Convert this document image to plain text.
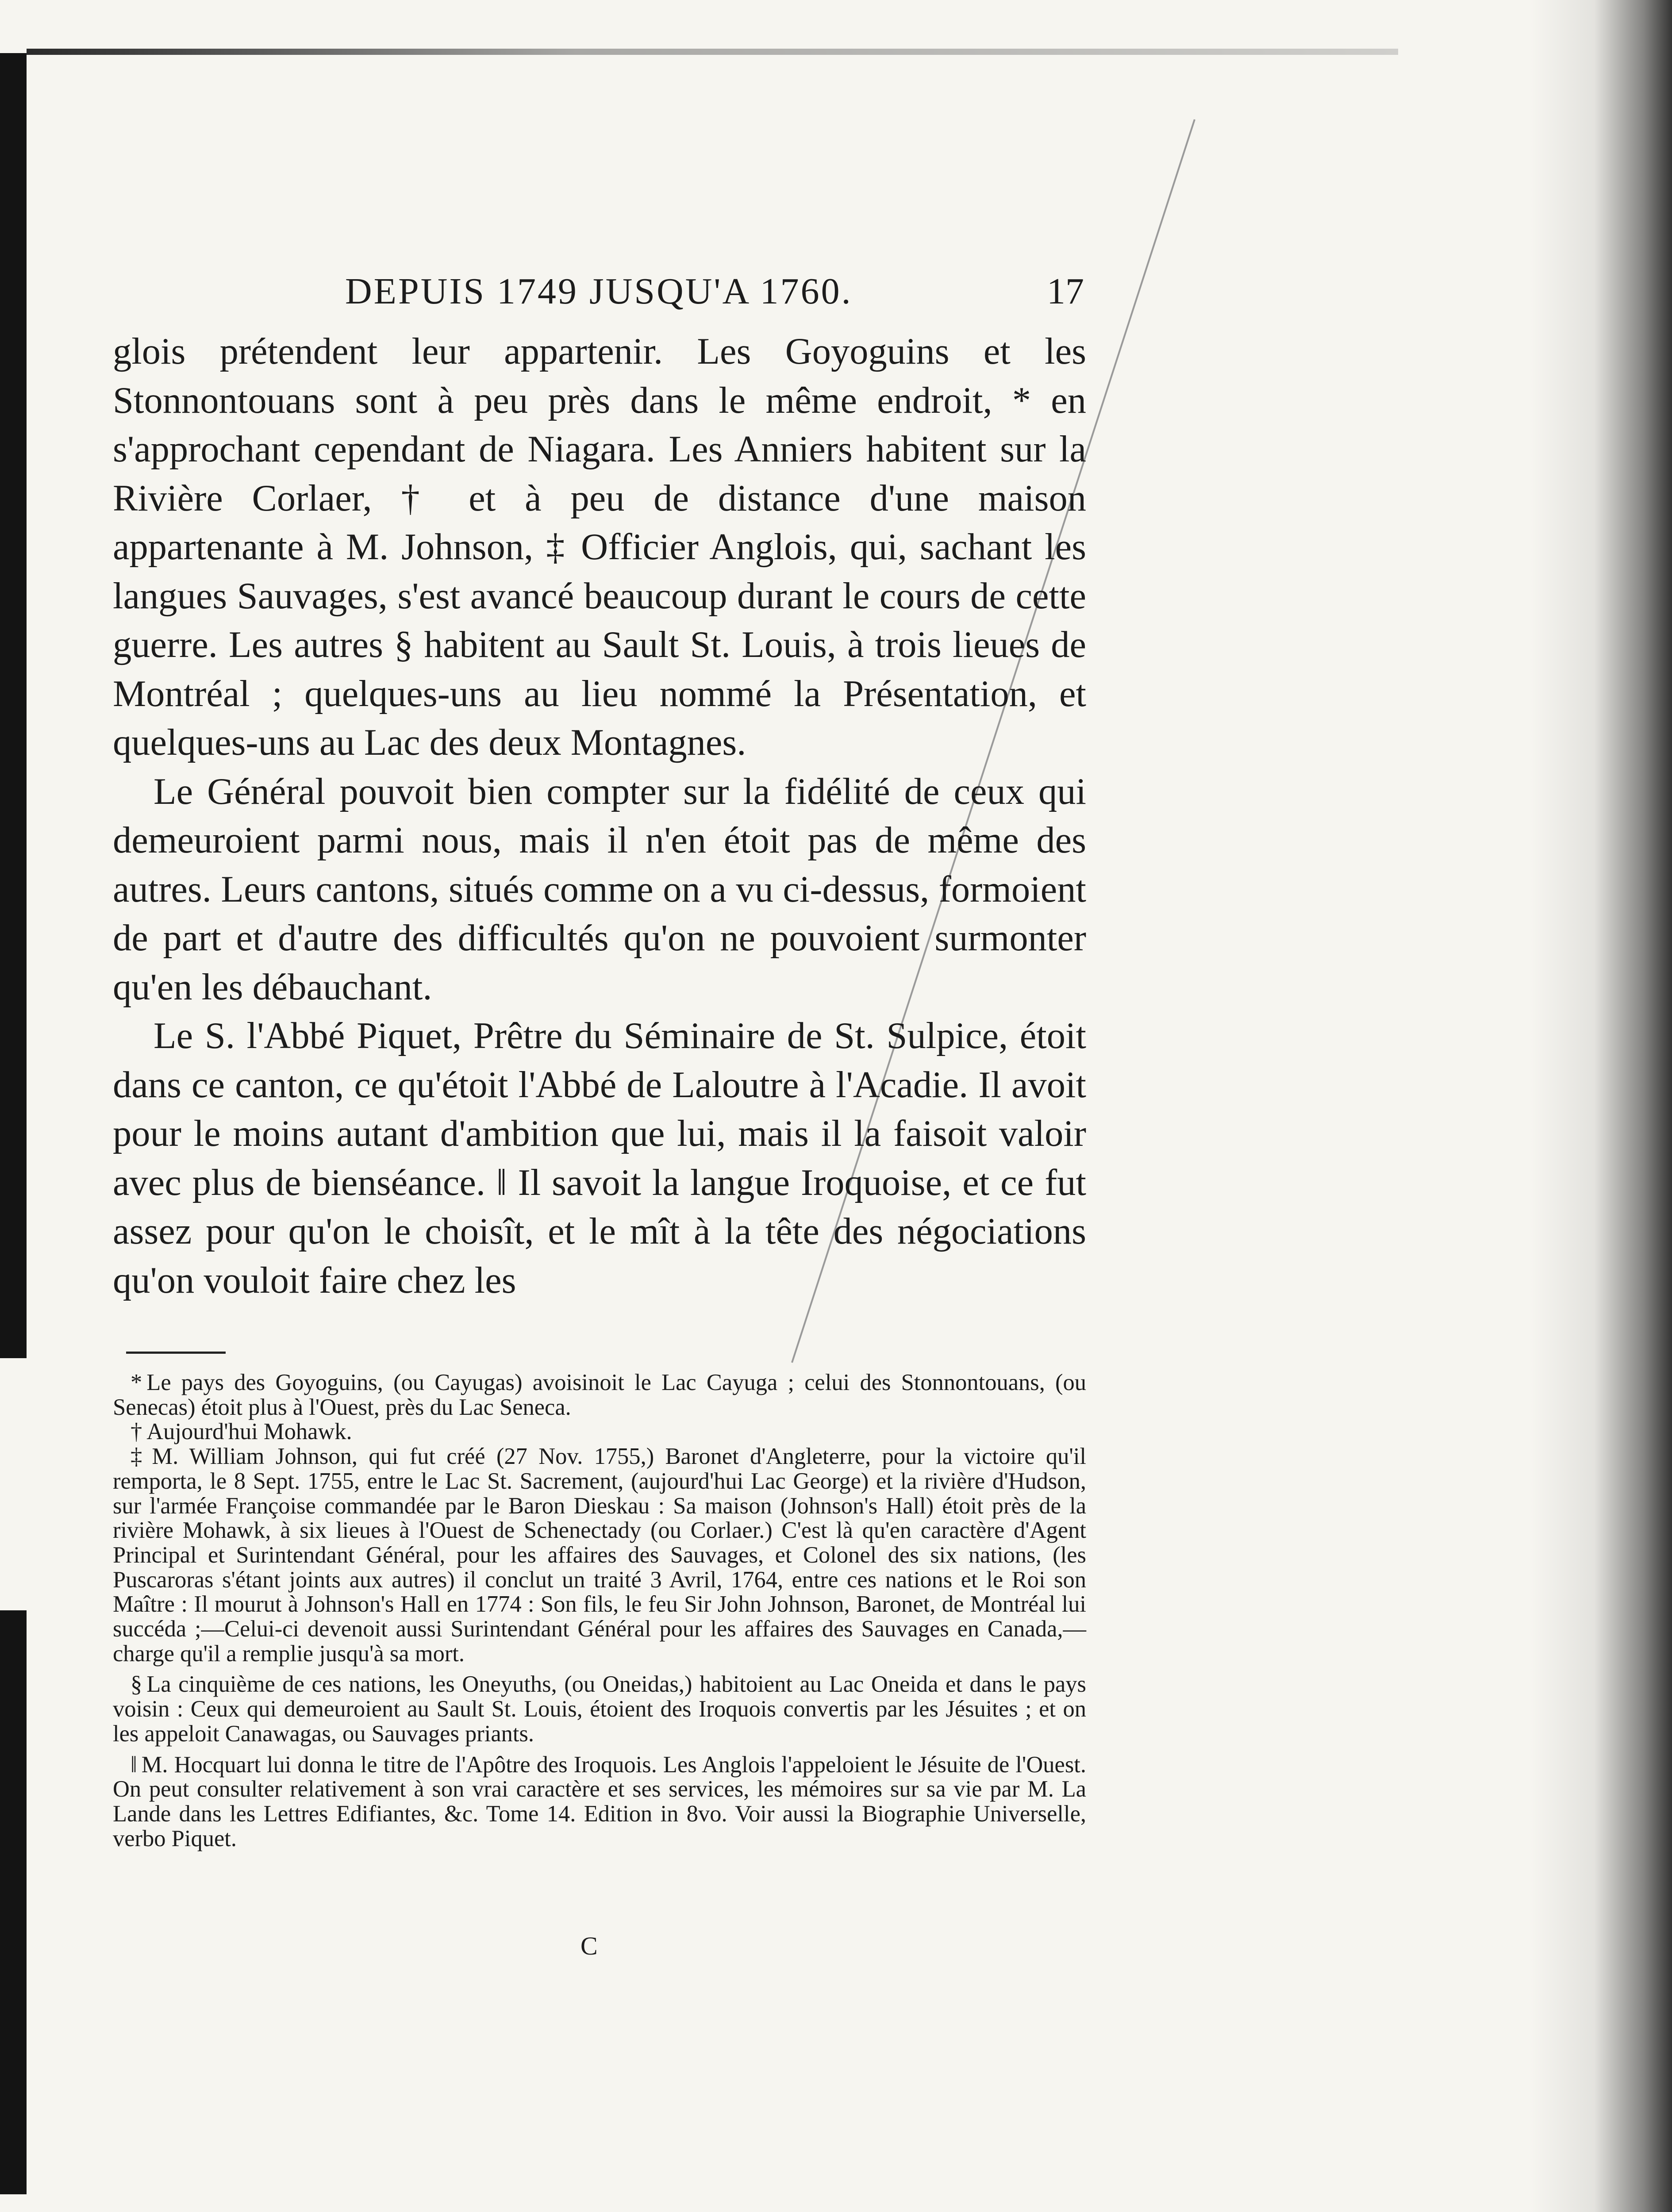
DEPUIS 1749 JUSQU'A 1760.	17

glois prétendent leur appartenir. Les Goyoguins et les Stonnontouans sont à peu près dans le même endroit, * en s'approchant cependant de Niagara. Les Anniers habitent sur la Rivière Corlaer, † et à peu de distance d'une maison appartenante à M. Johnson, ‡ Officier Anglois, qui, sachant les langues Sauvages, s'est avancé beaucoup durant le cours de cette guerre. Les autres § habitent au Sault St. Louis, à trois lieues de Montréal ; quelques-uns au lieu nommé la Présentation, et quelques-uns au Lac des deux Montagnes.

Le Général pouvoit bien compter sur la fidélité de ceux qui demeuroient parmi nous, mais il n'en étoit pas de même des autres. Leurs cantons, situés comme on a vu ci-dessus, formoient de part et d'autre des difficultés qu'on ne pouvoient surmonter qu'en les débauchant.

Le S. l'Abbé Piquet, Prêtre du Séminaire de St. Sulpice, étoit dans ce canton, ce qu'étoit l'Abbé de Laloutre à l'Acadie. Il avoit pour le moins autant d'ambition que lui, mais il la faisoit valoir avec plus de bienséance. ‖ Il savoit la langue Iroquoise, et ce fut assez pour qu'on le choisît, et le mît à la tête des négociations qu'on vouloit faire chez les

* Le pays des Goyoguins, (ou Cayugas) avoisinoit le Lac Cayuga ; celui des Stonnontouans, (ou Senecas) étoit plus à l'Ouest, près du Lac Seneca.

† Aujourd'hui Mohawk.

‡ M. William Johnson, qui fut créé (27 Nov. 1755,) Baronet d'Angleterre, pour la victoire qu'il remporta, le 8 Sept. 1755, entre le Lac St. Sacrement, (aujourd'hui Lac George) et la rivière d'Hudson, sur l'armée Françoise commandée par le Baron Dieskau : Sa maison (Johnson's Hall) étoit près de la rivière Mohawk, à six lieues à l'Ouest de Schenectady (ou Corlaer.) C'est là qu'en caractère d'Agent Principal et Surintendant Général, pour les affaires des Sauvages, et Colonel des six nations, (les Puscaroras s'étant joints aux autres) il conclut un traité 3 Avril, 1764, entre ces nations et le Roi son Maître : Il mourut à Johnson's Hall en 1774 : Son fils, le feu Sir John Johnson, Baronet, de Montréal lui succéda ;—Celui-ci devenoit aussi Surintendant Général pour les affaires des Sauvages en Canada,—charge qu'il a remplie jusqu'à sa mort.

§ La cinquième de ces nations, les Oneyuths, (ou Oneidas,) habitoient au Lac Oneida et dans le pays voisin : Ceux qui demeuroient au Sault St. Louis, étoient des Iroquois convertis par les Jésuites ; et on les appeloit Canawagas, ou Sauvages priants.

‖ M. Hocquart lui donna le titre de l'Apôtre des Iroquois. Les Anglois l'appeloient le Jésuite de l'Ouest. On peut consulter relativement à son vrai caractère et ses services, les mémoires sur sa vie par M. La Lande dans les Lettres Edifiantes, &c. Tome 14. Edition in 8vo. Voir aussi la Biographie Universelle, verbo Piquet.

C
